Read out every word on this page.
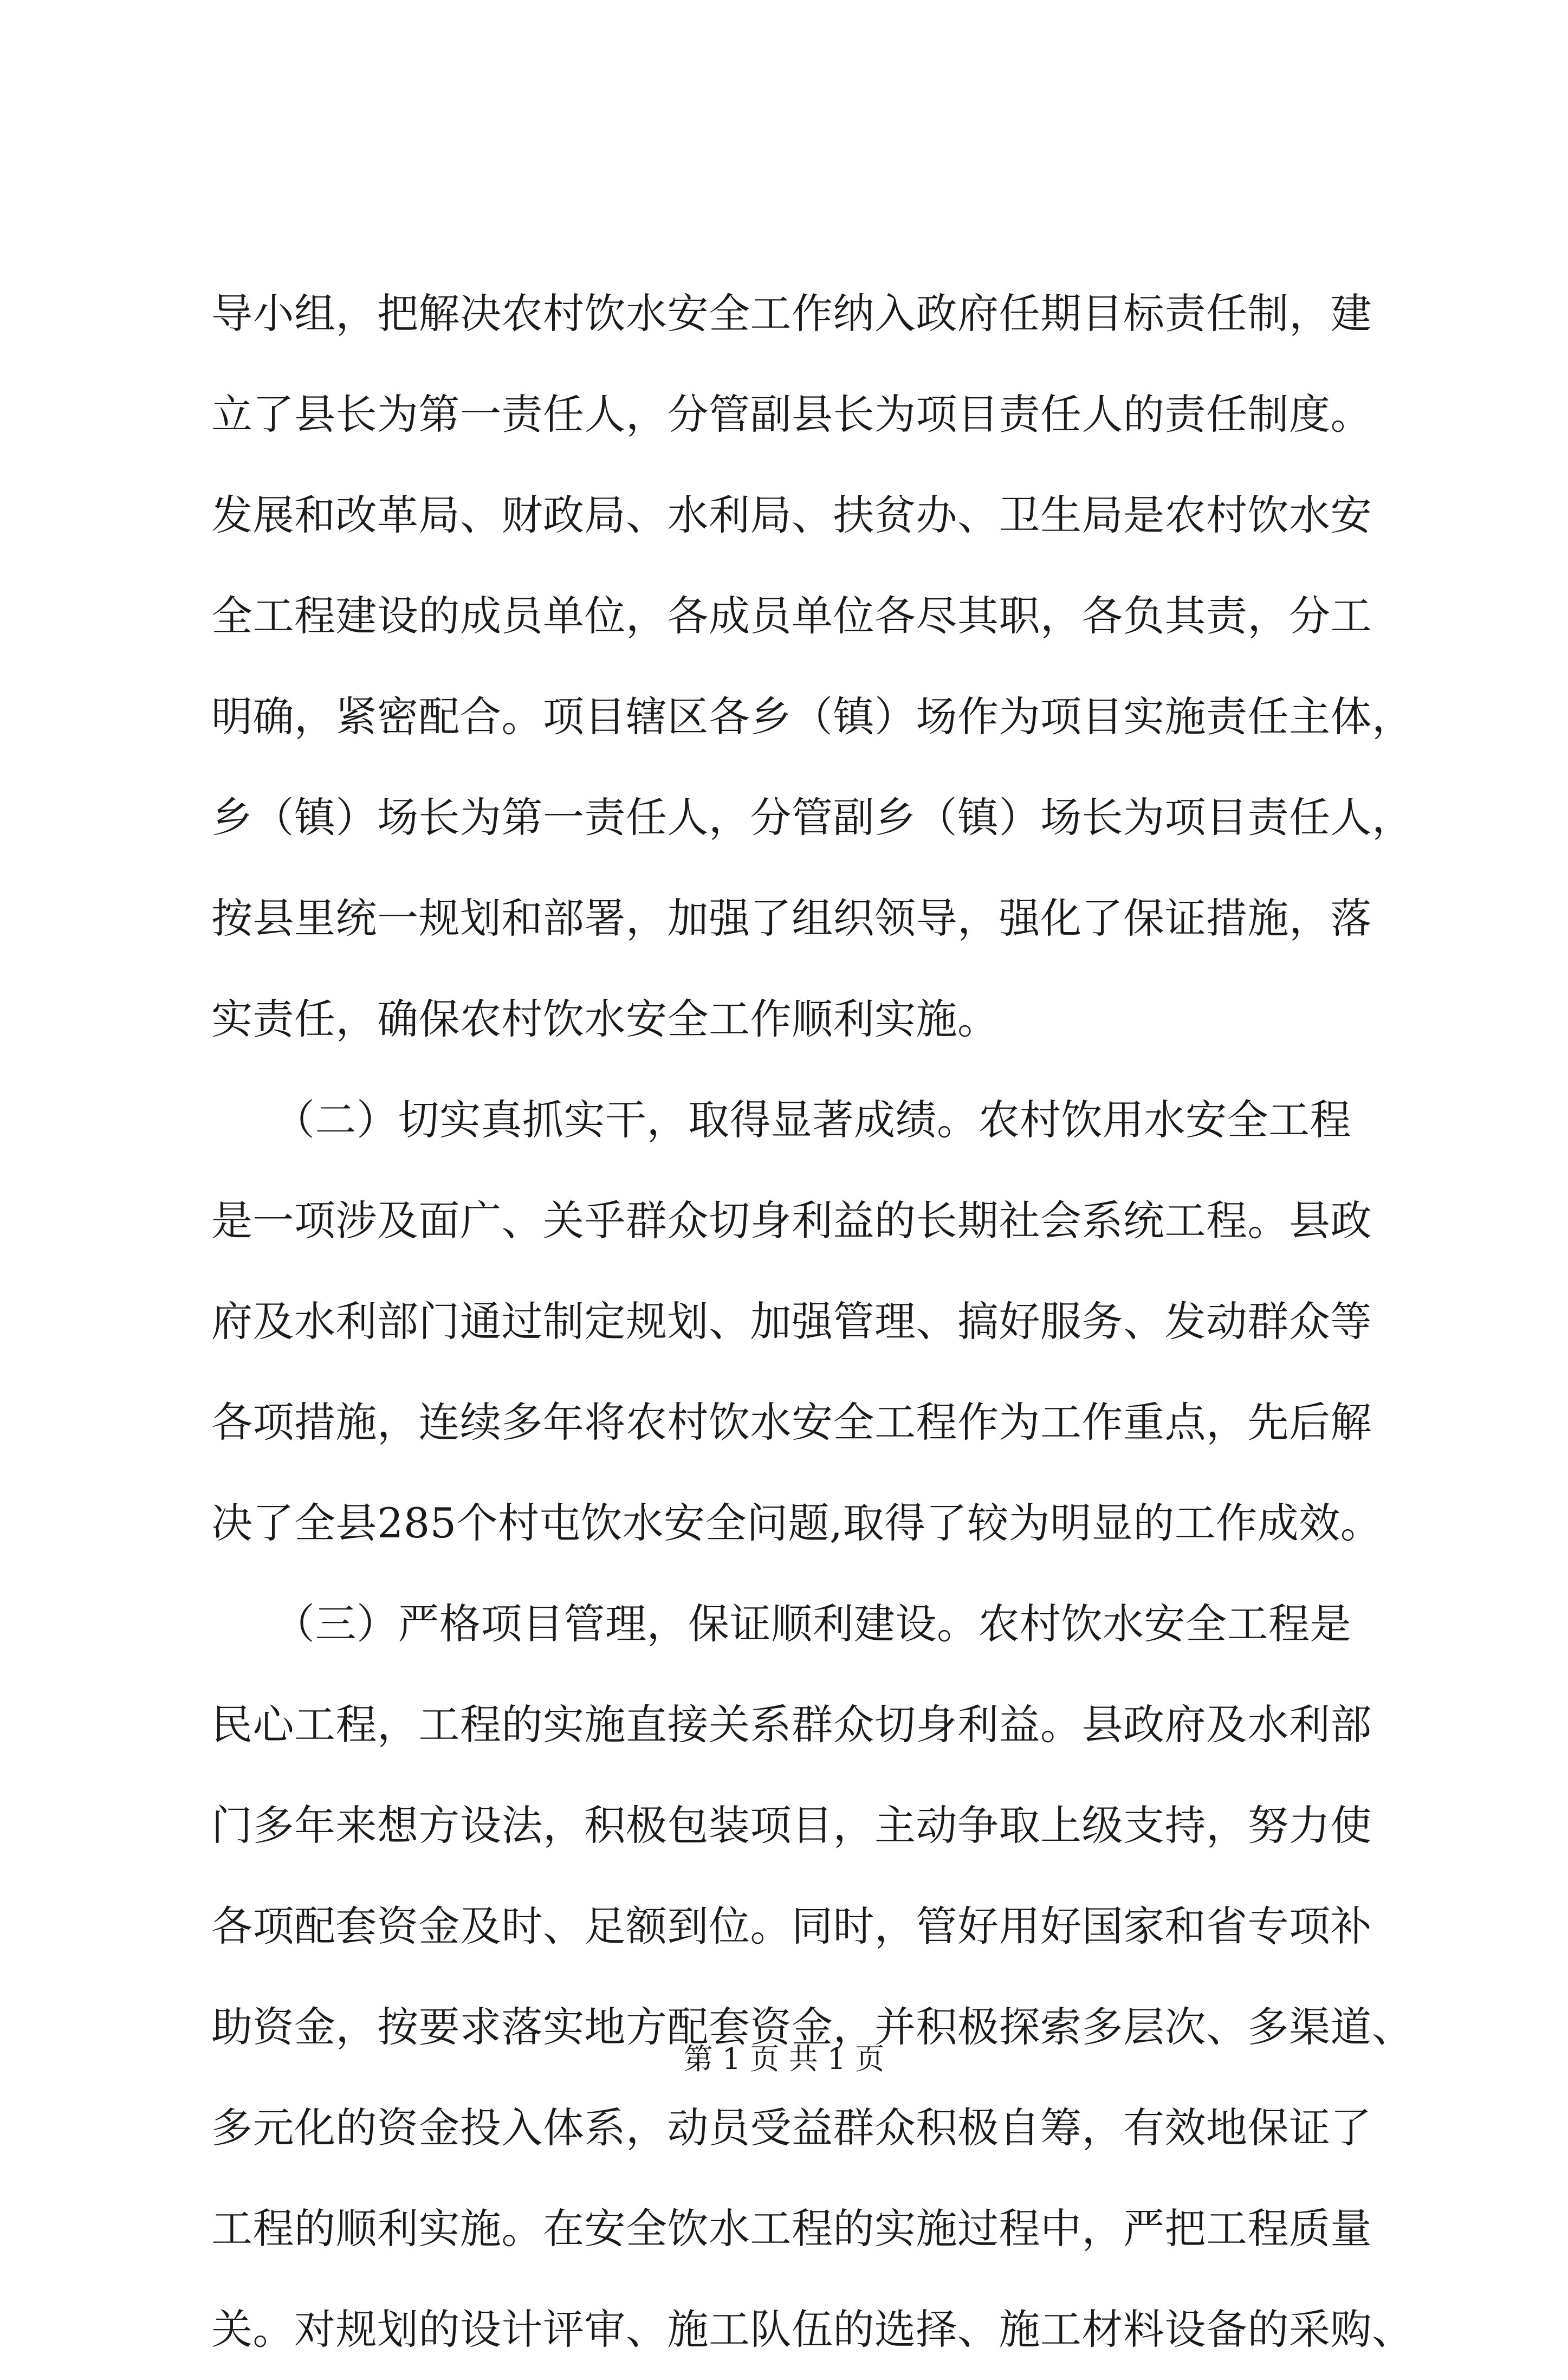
导小组，把解决农村饮水安全工作纳入政府任期目标责任制，建
立了县长为第一责任人，分管副县长为项目责任人的责任制度。
发展和改革局、财政局、水利局、扶贫办、卫生局是农村饮水安
全工程建设的成员单位，各成员单位各尽其职，各负其责，分工
明确，紧密配合。项目辖区各乡（镇）场作为项目实施责任主体，
乡（镇）场长为第一责任人，分管副乡（镇）场长为项目责任人，
按县里统一规划和部署，加强了组织领导，强化了保证措施，落
实责任，确保农村饮水安全工作顺利实施。
　　（二）切实真抓实干，取得显著成绩。农村饮用水安全工程
是一项涉及面广、关乎群众切身利益的长期社会系统工程。县政
府及水利部门通过制定规划、加强管理、搞好服务、发动群众等
各项措施，连续多年将农村饮水安全工程作为工作重点，先后解
决了全县285个村屯饮水安全问题,取得了较为明显的工作成效。
　　（三）严格项目管理，保证顺利建设。农村饮水安全工程是
民心工程，工程的实施直接关系群众切身利益。县政府及水利部
门多年来想方设法，积极包装项目，主动争取上级支持，努力使
各项配套资金及时、足额到位。同时，管好用好国家和省专项补
助资金，按要求落实地方配套资金，并积极探索多层次、多渠道、
多元化的资金投入体系，动员受益群众积极自筹，有效地保证了
工程的顺利实施。在安全饮水工程的实施过程中，严把工程质量
关。对规划的设计评审、施工队伍的选择、施工材料设备的采购、
第 1 页 共 1 页
